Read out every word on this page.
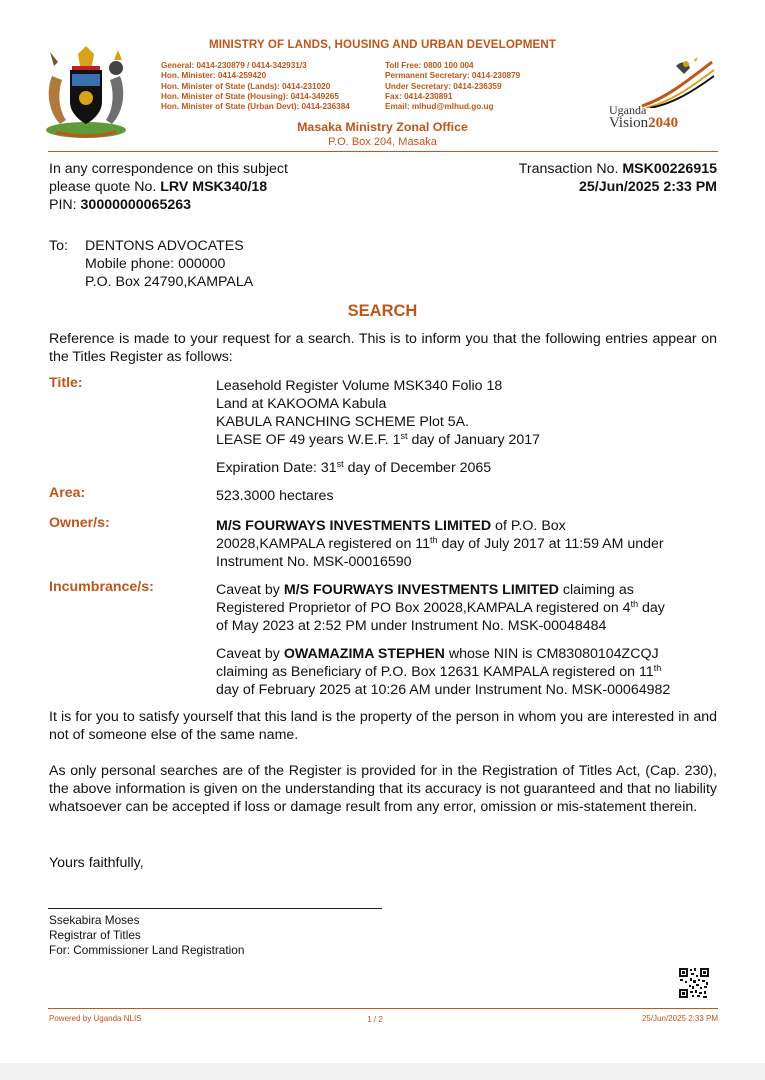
MINISTRY OF LANDS, HOUSING AND URBAN DEVELOPMENT
General: 0414-230879 / 0414-342931/3
Hon. Minister: 0414-259420
Hon. Minister of State (Lands): 0414-231020
Hon. Minister of State (Housing): 0414-349265
Hon. Minister of State (Urban Devt): 0414-236384
Toll Free: 0800 100 004
Permanent Secretary: 0414-230879
Under Secretary: 0414-236359
Fax: 0414-230891
Email: mlhud@mlhud.go.ug
Masaka Ministry Zonal Office
P.O. Box 204, Masaka
Uganda
Vision2040
In any correspondence on this subject
please quote No. LRV MSK340/18
PIN: 30000000065263
Transaction No. MSK00226915
25/Jun/2025 2:33 PM
To: DENTONS ADVOCATES
Mobile phone: 000000
P.O. Box 24790,KAMPALA
SEARCH
Reference is made to your request for a search. This is to inform you that the following entries appear on the Titles Register as follows:
Title:	Leasehold Register Volume MSK340 Folio 18
Land at KAKOOMA Kabula
KABULA RANCHING SCHEME Plot 5A.
LEASE OF 49 years W.E.F. 1st day of January 2017
Expiration Date: 31st day of December 2065
Area:	523.3000 hectares
Owner/s:	M/S FOURWAYS INVESTMENTS LIMITED of P.O. Box
20028,KAMPALA registered on 11th day of July 2017 at 11:59 AM under
Instrument No. MSK-00016590
Incumbrance/s:	Caveat by M/S FOURWAYS INVESTMENTS LIMITED claiming as
Registered Proprietor of PO Box 20028,KAMPALA registered on 4th day
of May 2023 at 2:52 PM under Instrument No. MSK-00048484
Caveat by OWAMAZIMA STEPHEN whose NIN is CM83080104ZCQJ
claiming as Beneficiary of P.O. Box 12631 KAMPALA registered on 11th
day of February 2025 at 10:26 AM under Instrument No. MSK-00064982
It is for you to satisfy yourself that this land is the property of the person in whom you are interested in and not of someone else of the same name.
As only personal searches are of the Register is provided for in the Registration of Titles Act, (Cap. 230), the above information is given on the understanding that its accuracy is not guaranteed and that no liability whatsoever can be accepted if loss or damage result from any error, omission or mis-statement therein.
Yours faithfully,
Ssekabira Moses
Registrar of Titles
For: Commissioner Land Registration
Powered by Uganda NLIS	1 / 2	25/Jun/2025 2:33 PM
